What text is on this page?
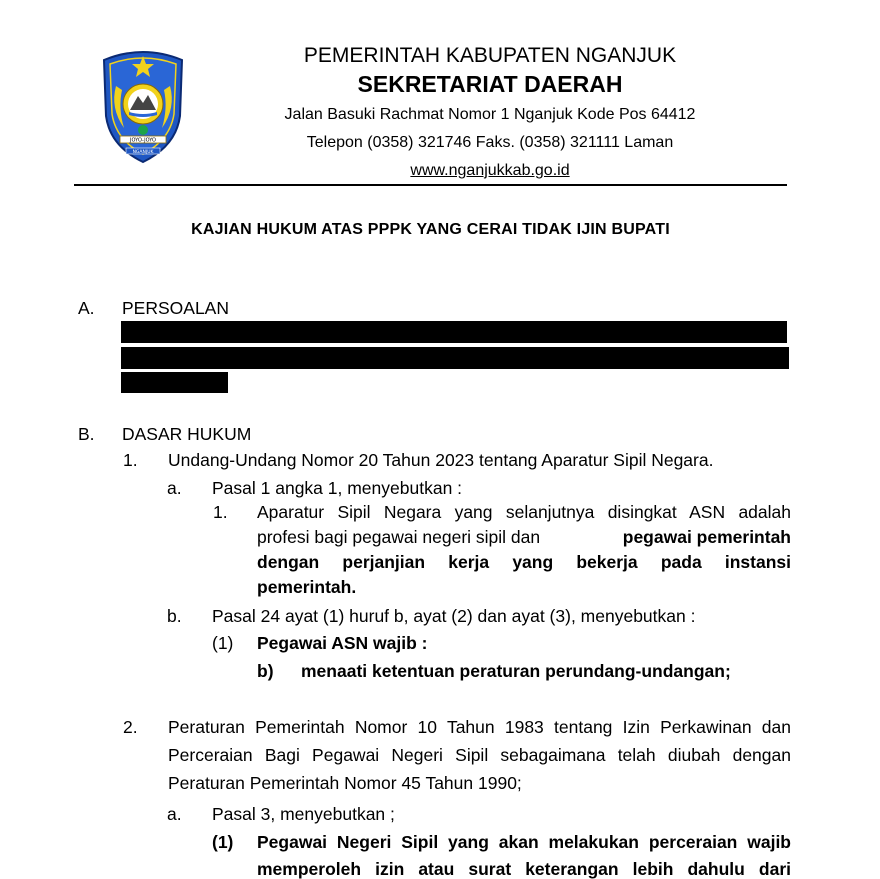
JOYO-JOYO
NGANJUK
PEMERINTAH KABUPATEN NGANJUK
SEKRETARIAT DAERAH
Jalan Basuki Rachmat Nomor 1 Nganjuk Kode Pos 64412
Telepon (0358) 321746 Faks. (0358) 321111 Laman
www.nganjukkab.go.id
KAJIAN HUKUM ATAS PPPK YANG CERAI TIDAK IJIN BUPATI
A. PERSOALAN
B. DASAR HUKUM
1. Undang-Undang Nomor 20 Tahun 2023 tentang Aparatur Sipil Negara.
a. Pasal 1 angka 1, menyebutkan :
1. Aparatur Sipil Negara yang selanjutnya disingkat ASN adalah
profesi bagi pegawai negeri sipil dan	pegawai pemerintah
dengan perjanjian kerja yang bekerja pada instansi
pemerintah.
b. Pasal 24 ayat (1) huruf b, ayat (2) dan ayat (3), menyebutkan :
(1) Pegawai ASN wajib :
b) menaati ketentuan peraturan perundang-undangan;
2. Peraturan Pemerintah Nomor 10 Tahun 1983 tentang Izin Perkawinan dan
Perceraian Bagi Pegawai Negeri Sipil sebagaimana telah diubah dengan
Peraturan Pemerintah Nomor 45 Tahun 1990;
a. Pasal 3, menyebutkan ;
(1) Pegawai Negeri Sipil yang akan melakukan perceraian wajib
memperoleh izin atau surat keterangan lebih dahulu dari
